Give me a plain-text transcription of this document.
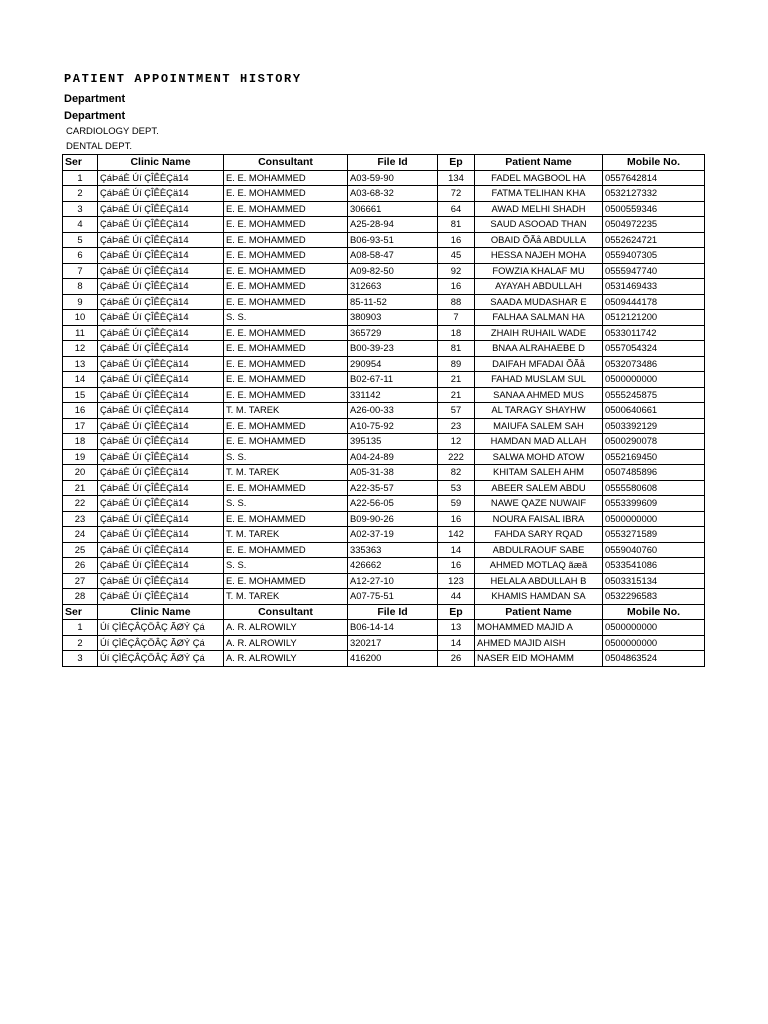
PATIENT APPOINTMENT HISTORY
Department
Department
CARDIOLOGY DEPT.
DENTAL DEPT.
Ser	Clinic Name	Consultant	File Id	Ep	Patient Name	Mobile No.
1	ÇáÞáÈ Úí ÇÎÊÈÇä14	E. E. MOHAMMED	A03-59-90	134	FADEL MAGBOOL HA	0557642814
2	ÇáÞáÈ Úí ÇÎÊÈÇä14	E. E. MOHAMMED	A03-68-32	72	FATMA TELIHAN KHA	0532127332
3	ÇáÞáÈ Úí ÇÎÊÈÇä14	E. E. MOHAMMED	306661	64	AWAD MELHI SHADH	0500559346
4	ÇáÞáÈ Úí ÇÎÊÈÇä14	E. E. MOHAMMED	A25-28-94	81	SAUD ASOOAD THAN	0504972235
5	ÇáÞáÈ Úí ÇÎÊÈÇä14	E. E. MOHAMMED	B06-93-51	16	OBAID ÕÃå ABDULLA	0552624721
6	ÇáÞáÈ Úí ÇÎÊÈÇä14	E. E. MOHAMMED	A08-58-47	45	HESSA NAJEH MOHA	0559407305
7	ÇáÞáÈ Úí ÇÎÊÈÇä14	E. E. MOHAMMED	A09-82-50	92	FOWZIA KHALAF MU	0555947740
8	ÇáÞáÈ Úí ÇÎÊÈÇä14	E. E. MOHAMMED	312663	16	AYAYAH ABDULLAH	0531469433
9	ÇáÞáÈ Úí ÇÎÊÈÇä14	E. E. MOHAMMED	85-11-52	88	SAADA MUDASHAR E	0509444178
10	ÇáÞáÈ Úí ÇÎÊÈÇä14	S. S.	380903	7	FALHAA SALMAN HA	0512121200
11	ÇáÞáÈ Úí ÇÎÊÈÇä14	E. E. MOHAMMED	365729	18	ZHAIH RUHAIL WADE	0533011742
12	ÇáÞáÈ Úí ÇÎÊÈÇä14	E. E. MOHAMMED	B00-39-23	81	BNAA ALRAHAEBE D	0557054324
13	ÇáÞáÈ Úí ÇÎÊÈÇä14	E. E. MOHAMMED	290954	89	DAIFAH MFADAI ÕÃå	0532073486
14	ÇáÞáÈ Úí ÇÎÊÈÇä14	E. E. MOHAMMED	B02-67-11	21	FAHAD MUSLAM SUL	0500000000
15	ÇáÞáÈ Úí ÇÎÊÈÇä14	E. E. MOHAMMED	331142	21	SANAA AHMED MUS	0555245875
16	ÇáÞáÈ Úí ÇÎÊÈÇä14	T. M. TAREK	A26-00-33	57	AL TARAGY SHAYHW	0500640661
17	ÇáÞáÈ Úí ÇÎÊÈÇä14	E. E. MOHAMMED	A10-75-92	23	MAIUFA SALEM SAH	0503392129
18	ÇáÞáÈ Úí ÇÎÊÈÇä14	E. E. MOHAMMED	395135	12	HAMDAN MAD ALLAH	0500290078
19	ÇáÞáÈ Úí ÇÎÊÈÇä14	S. S.	A04-24-89	222	SALWA MOHD ATOW	0552169450
20	ÇáÞáÈ Úí ÇÎÊÈÇä14	T. M. TAREK	A05-31-38	82	KHITAM SALEH AHM	0507485896
21	ÇáÞáÈ Úí ÇÎÊÈÇä14	E. E. MOHAMMED	A22-35-57	53	ABEER SALEM ABDU	0555580608
22	ÇáÞáÈ Úí ÇÎÊÈÇä14	S. S.	A22-56-05	59	NAWE QAZE NUWAIF	0553399609
23	ÇáÞáÈ Úí ÇÎÊÈÇä14	E. E. MOHAMMED	B09-90-26	16	NOURA FAISAL IBRA	0500000000
24	ÇáÞáÈ Úí ÇÎÊÈÇä14	T. M. TAREK	A02-37-19	142	FAHDA SARY RQAD	0553271589
25	ÇáÞáÈ Úí ÇÎÊÈÇä14	E. E. MOHAMMED	335363	14	ABDULRAOUF SABE	0559040760
26	ÇáÞáÈ Úí ÇÎÊÈÇä14	S. S.	426662	16	AHMED MOTLAQ ãæã	0533541086
27	ÇáÞáÈ Úí ÇÎÊÈÇä14	E. E. MOHAMMED	A12-27-10	123	HELALA ABDULLAH B	0503315134
28	ÇáÞáÈ Úí ÇÎÊÈÇä14	T. M. TAREK	A07-75-51	44	KHAMIS HAMDAN SA	0532296583
Ser	Clinic Name	Consultant	File Id	Ep	Patient Name	Mobile No.
1	Úí ÇÌÈÇÂÇÖÂÇ ÃØÝ Çá	A. R. ALROWILY	B06-14-14	13	MOHAMMED MAJID A	0500000000
2	Úí ÇÌÈÇÂÇÖÂÇ ÃØÝ Çá	A. R. ALROWILY	320217	14	AHMED MAJID AISH	0500000000
3	Úí ÇÌÈÇÂÇÖÂÇ ÃØÝ Çá	A. R. ALROWILY	416200	26	NASER EID MOHAMM	0504863524
